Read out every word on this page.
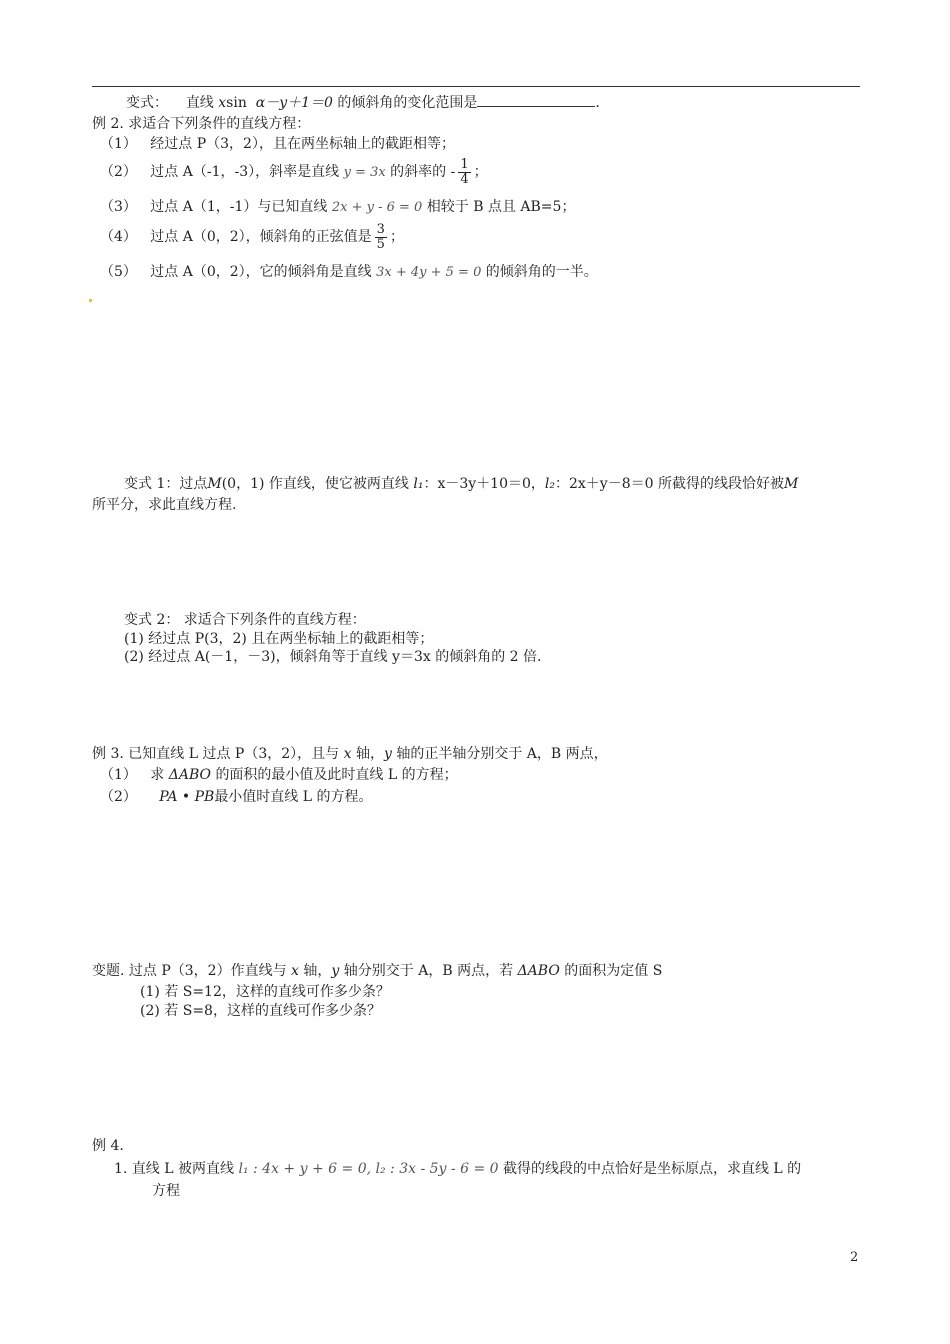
变式： 直线 xsin α－y＋1＝0 的倾斜角的变化范围是	.
例 2. 求适合下列条件的直线方程：
（1） 经过点 P（3，2），且在两坐标轴上的截距相等；
（2） 过点 A（-1，-3），斜率是直线 y = 3x 的斜率的 - $\frac{1}{4}$ ；
（3） 过点 A（1，-1）与已知直线 2x + y - 6 = 0 相较于 B 点且 AB=5；
（4） 过点 A（0，2），倾斜角的正弦值是 $\frac{3}{5}$ ；
（5） 过点 A（0，2），它的倾斜角是直线 3x + 4y + 5 = 0 的倾斜角的一半。
变式 1：过点M(0，1) 作直线，使它被两直线 l₁：x－3y＋10＝0，l₂：2x＋y－8＝0 所截得的线段恰好被M
所平分，求此直线方程.
变式 2： 求适合下列条件的直线方程：
(1) 经过点 P(3，2) 且在两坐标轴上的截距相等；
(2) 经过点 A(－1，－3)，倾斜角等于直线 y＝3x 的倾斜角的 2 倍.
例 3. 已知直线 L 过点 P（3，2），且与 x 轴，y 轴的正半轴分别交于 A，B 两点，
（1） 求 ΔABO 的面积的最小值及此时直线 L 的方程；
（2） PA • PB最小值时直线 L 的方程。
变题. 过点 P（3，2）作直线与 x 轴，y 轴分别交于 A，B 两点，若 ΔABO 的面积为定值 S
(1) 若 S=12，这样的直线可作多少条？
(2) 若 S=8，这样的直线可作多少条？
例 4.
1. 直线 L 被两直线 l₁ : 4x + y + 6 = 0, l₂ : 3x - 5y - 6 = 0 截得的线段的中点恰好是坐标原点，求直线 L 的
方程
2
